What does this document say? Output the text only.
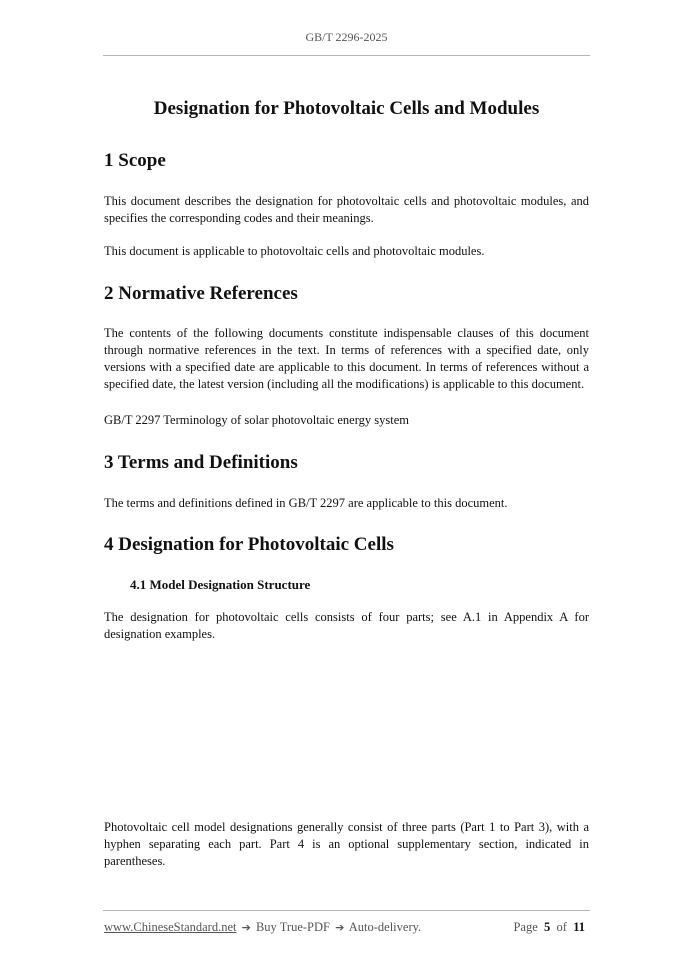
GB/T 2296-2025
Designation for Photovoltaic Cells and Modules
1 Scope
This document describes the designation for photovoltaic cells and photovoltaic modules, and specifies the corresponding codes and their meanings.
This document is applicable to photovoltaic cells and photovoltaic modules.
2 Normative References
The contents of the following documents constitute indispensable clauses of this document through normative references in the text. In terms of references with a specified date, only versions with a specified date are applicable to this document. In terms of references without a specified date, the latest version (including all the modifications) is applicable to this document.
GB/T 2297 Terminology of solar photovoltaic energy system
3 Terms and Definitions
The terms and definitions defined in GB/T 2297 are applicable to this document.
4 Designation for Photovoltaic Cells
4.1 Model Designation Structure
The designation for photovoltaic cells consists of four parts; see A.1 in Appendix A for designation examples.
Photovoltaic cell model designations generally consist of three parts (Part 1 to Part 3), with a hyphen separating each part. Part 4 is an optional supplementary section, indicated in parentheses.
www.ChineseStandard.net ➔ Buy True-PDF ➔ Auto-delivery.	Page 5 of 11
